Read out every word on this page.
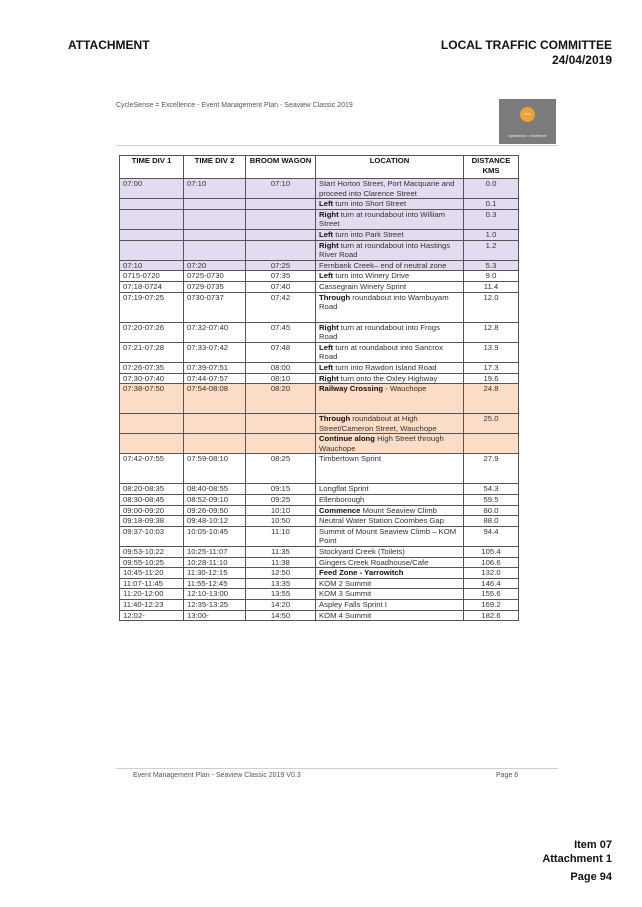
ATTACHMENT	LOCAL TRAFFIC COMMITTEE
24/04/2019
CycleSense = Excellence - Event Management Plan - Seaview Classic 2019
SYS
cyclesense = excellence
TIME DIV 1	TIME DIV 2	BROOM WAGON	LOCATION	DISTANCE KMS
07:00	07:10	07:10	Start Horton Street, Port Macquarie and proceed into Clarence Street	0.0
			Left turn into Short Street	0.1
			Right turn at roundabout into William Street	0.3
			Left turn into Park Street	1.0
			Right turn at roundabout into Hastings River Road	1.2
07:10	07:20	07:25	Fernbank Creek– end of neutral zone	5.3
0715-0720	0725-0730	07:35	Left turn into Winery Drive	9.0
07:18-0724	0729-0735	07:40	Cassegrain Winery Sprint	11.4
07:19-07:25	0730-0737	07:42	Through roundabout into Wambuyam Road	12.0
07:20-07:26	07:32-07:40	07:45	Right turn at roundabout into Frogs Road	12.8
07:21-07:28	07:33-07:42	07:48	Left turn at roundabout into Sancrox Road	13.9
07:26-07:35	07:39-07:51	08:00	Left turn into Rawdon Island Road	17.3
07:30-07:40	07:44-07:57	08:10	Right turn onto the Oxley Highway	19.6
07:38-07:50	07:54-08:08	08:20	Railway Crossing - Wauchope	24.8
			Through roundabout at High Street/Cameron Street, Wauchope	25.0
			Continue along High Street through Wauchope	
07:42-07:55	07:59-08:10	08:25	Timbertown Sprint	27.9
08:20-08:35	08:40-08:55	09:15	Longflat Sprint	54.3
08:30-08:45	08:52-09:10	09:25	Ellenborough	59.5
09:00-09:20	09:26-09:50	10:10	Commence Mount Seaview Climb	80.0
09:18-09:38	09:48-10:12	10:50	Neutral Water Station Coombes Gap	88.0
09:37-10:03	10:05-10:45	11:10	Summit of Mount Seaview Climb – KOM Point	94.4
09:53-10:22	10:25-11:07	11:35	Stockyard Creek (Toilets)	105.4
09:55-10:25	10:28-11:10	11:38	Gingers Creek Roadhouse/Cafe	106.6
10:45-11:20	11:30-12:15	12:50	Feed Zone - Yarrowitch	132.0
11:07-11:45	11:55-12:45	13:35	KOM 2 Summit	146.4
11:20-12:00	12:10-13:00	13:55	KOM 3 Summit	155.6
11:40-12:23	12:35-13:25	14:20	Aspley Falls Sprint I	169.2
12:02-	13:00-	14:50	KOM 4 Summit	182.6
Event Management Plan - Seaview Classic 2019 V0.3	Page 6
Item 07
Attachment 1
Page 94
